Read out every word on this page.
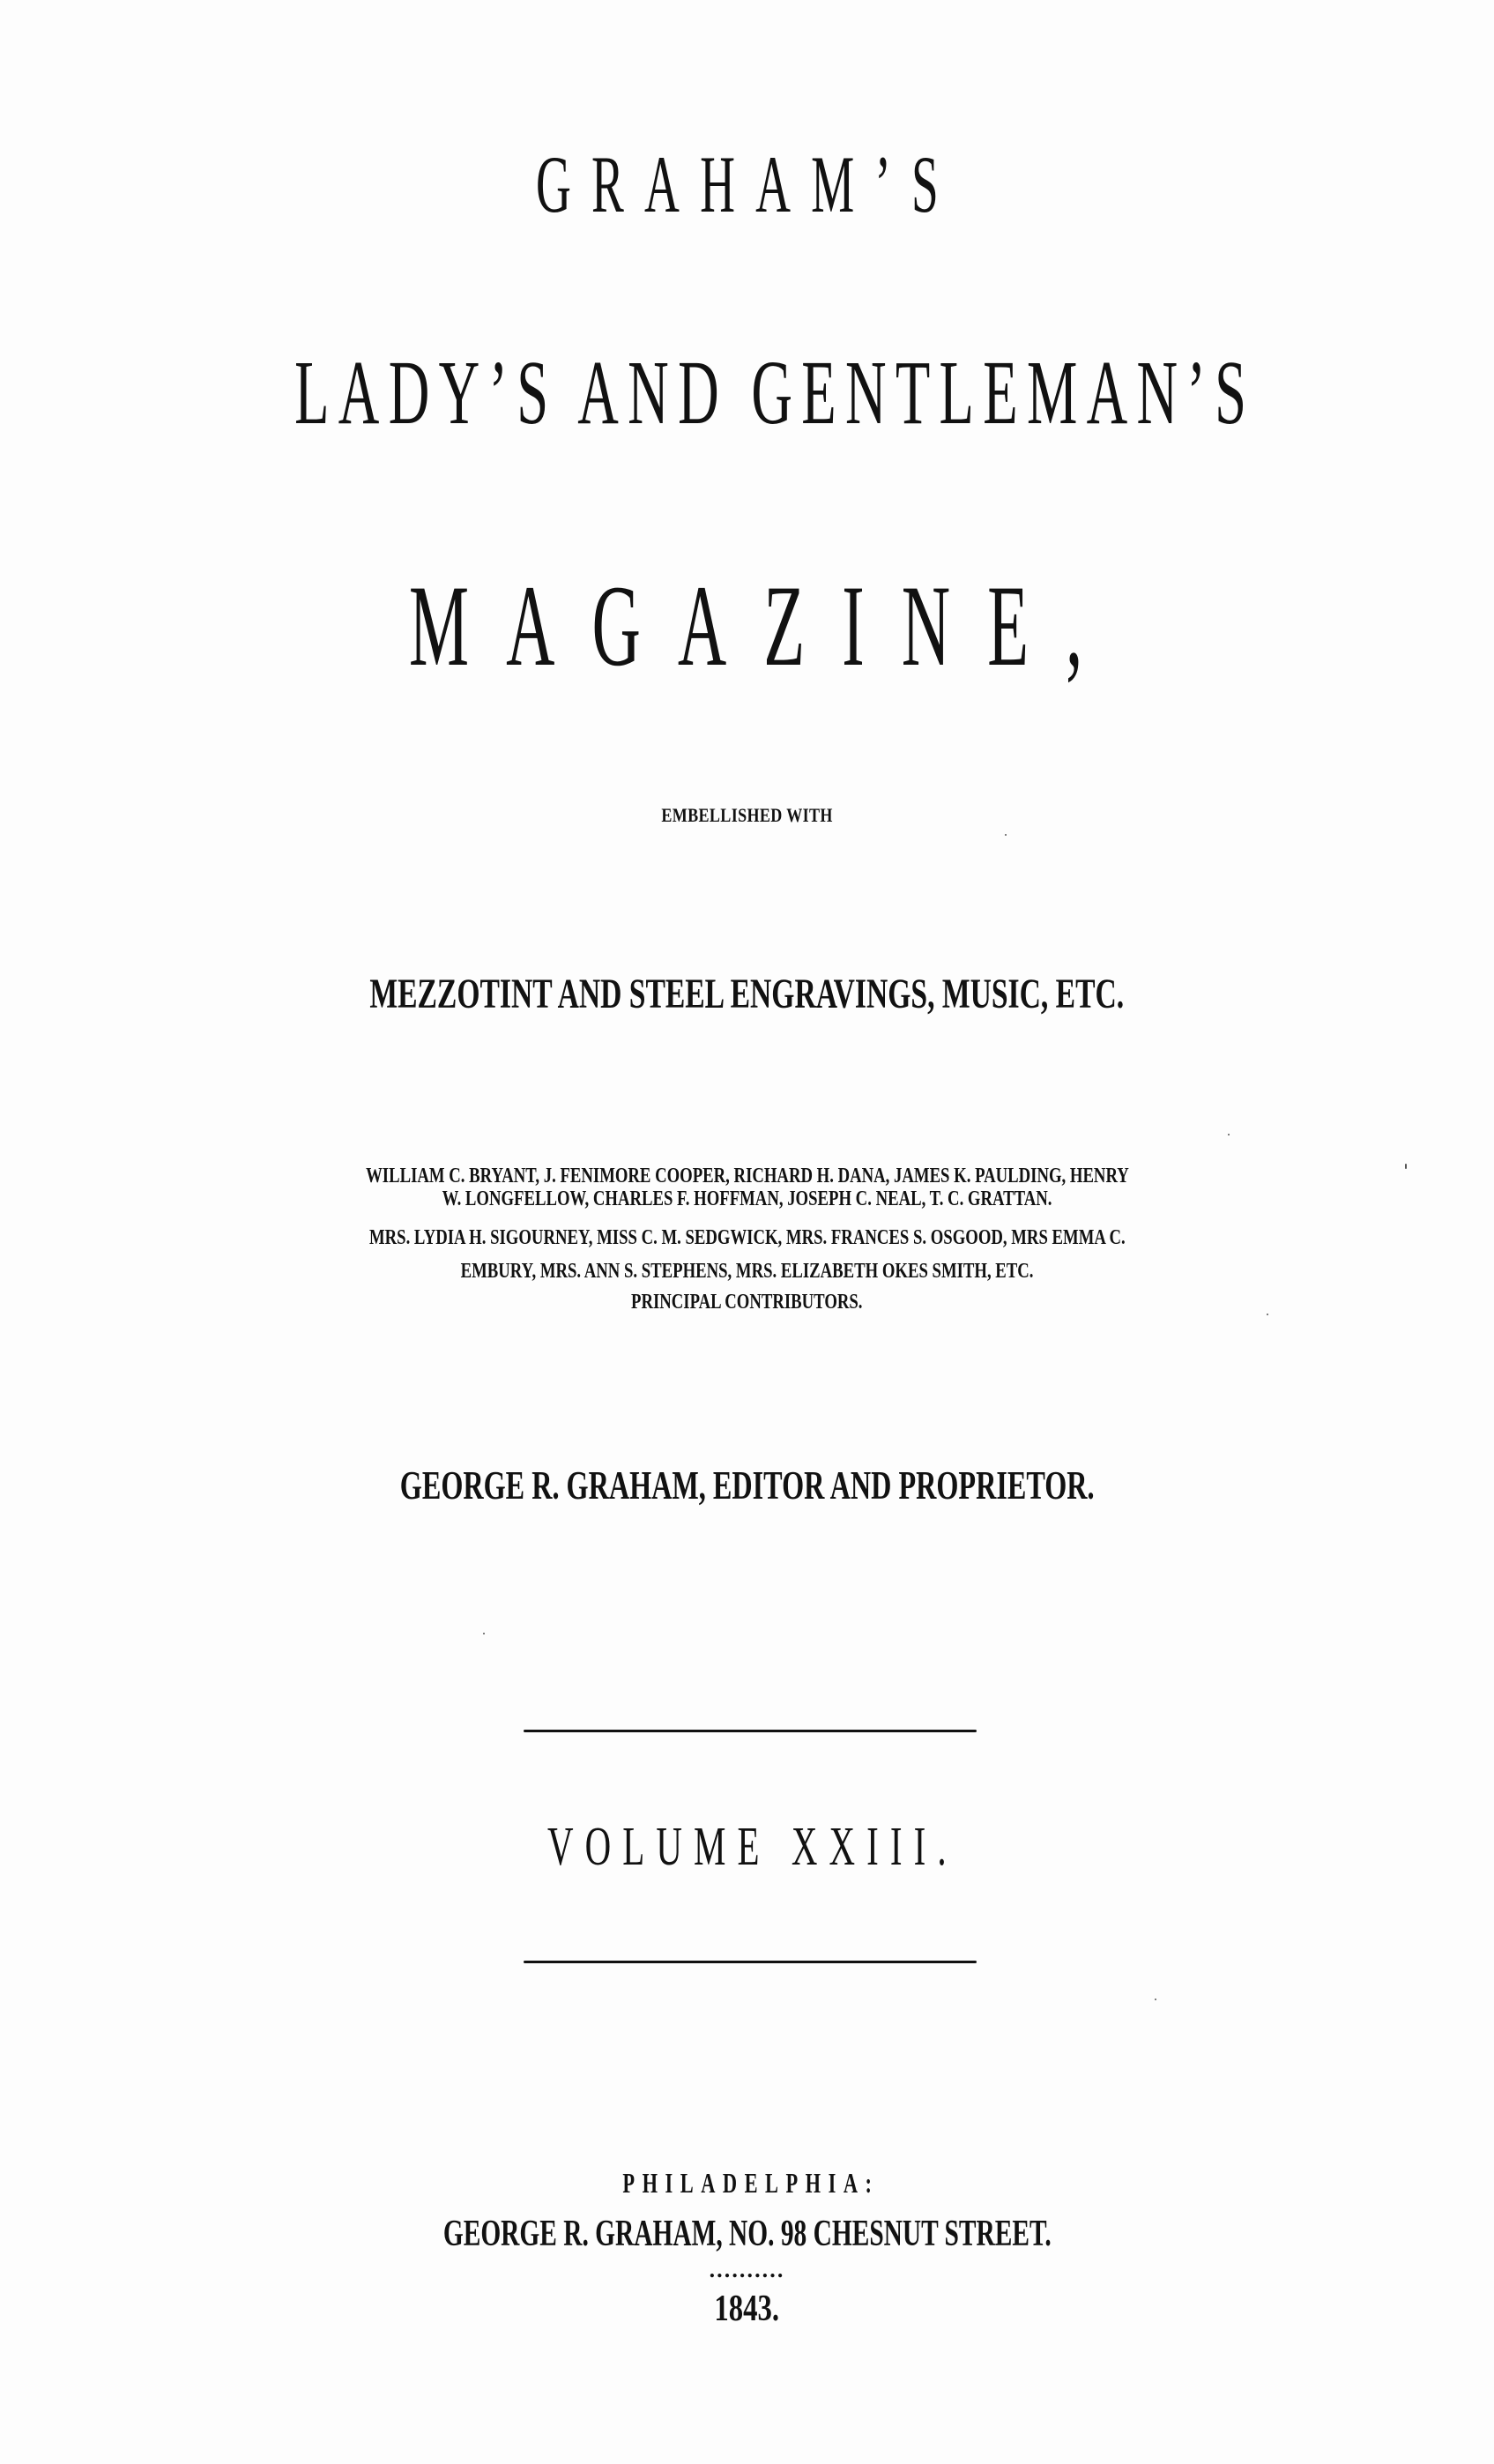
GRAHAM’S
LADY’S AND GENTLEMAN’S
MAGAZINE,
EMBELLISHED WITH
MEZZOTINT AND STEEL ENGRAVINGS, MUSIC, ETC.
WILLIAM C. BRYANT, J. FENIMORE COOPER, RICHARD H. DANA, JAMES K. PAULDING, HENRY
W. LONGFELLOW, CHARLES F. HOFFMAN, JOSEPH C. NEAL, T. C. GRATTAN.
MRS. LYDIA H. SIGOURNEY, MISS C. M. SEDGWICK, MRS. FRANCES S. OSGOOD, MRS EMMA C.
EMBURY, MRS. ANN S. STEPHENS, MRS. ELIZABETH OKES SMITH, ETC.
PRINCIPAL CONTRIBUTORS.
GEORGE R. GRAHAM, EDITOR AND PROPRIETOR.
VOLUME XXIII.
PHILADELPHIA:
GEORGE R. GRAHAM, NO. 98 CHESNUT STREET.
..........
1843.
